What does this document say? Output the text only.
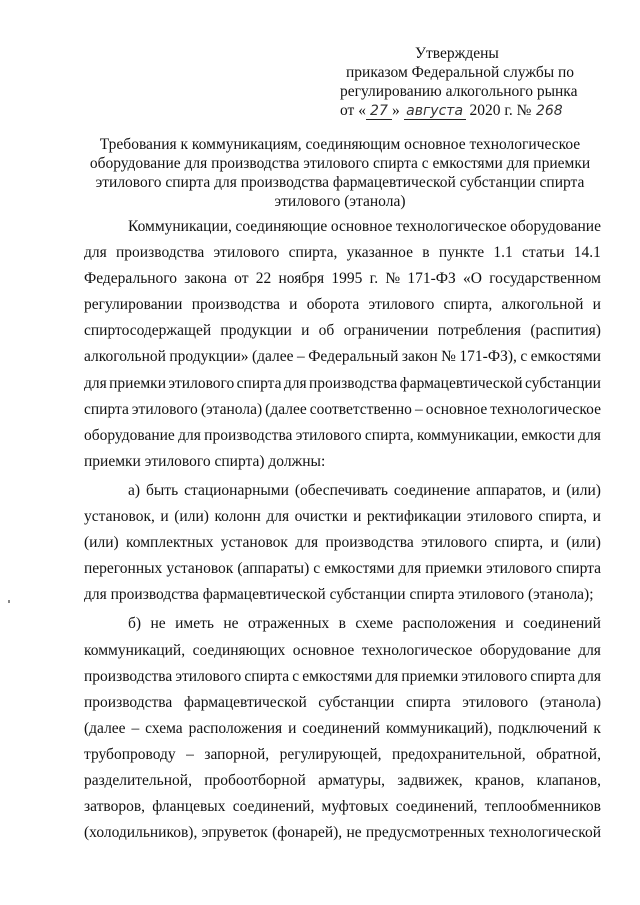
Утверждены
приказом Федеральной службы по
регулированию алкогольного рынка
от « 27 » августа 2020 г. № 268
Требования к коммуникациям, соединяющим основное технологическое
оборудование для производства этилового спирта с емкостями для приемки
этилового спирта для производства фармацевтической субстанции спирта
этилового (этанола)
Коммуникации, соединяющие основное технологическое оборудование
для производства этилового спирта, указанное в пункте 1.1 статьи 14.1
Федерального закона от 22 ноября 1995 г. № 171-ФЗ «О государственном
регулировании производства и оборота этилового спирта, алкогольной и
спиртосодержащей продукции и об ограничении потребления (распития)
алкогольной продукции» (далее – Федеральный закон № 171-ФЗ), с емкостями
для приемки этилового спирта для производства фармацевтической субстанции
спирта этилового (этанола) (далее соответственно – основное технологическое
оборудование для производства этилового спирта, коммуникации, емкости для
приемки этилового спирта) должны:
а) быть стационарными (обеспечивать соединение аппаратов, и (или)
установок, и (или) колонн для очистки и ректификации этилового спирта, и
(или) комплектных установок для производства этилового спирта, и (или)
перегонных установок (аппараты) с емкостями для приемки этилового спирта
для производства фармацевтической субстанции спирта этилового (этанола);
б) не иметь не отраженных в схеме расположения и соединений
коммуникаций, соединяющих основное технологическое оборудование для
производства этилового спирта с емкостями для приемки этилового спирта для
производства фармацевтической субстанции спирта этилового (этанола)
(далее – схема расположения и соединений коммуникаций), подключений к
трубопроводу – запорной, регулирующей, предохранительной, обратной,
разделительной, пробоотборной арматуры, задвижек, кранов, клапанов,
затворов, фланцевых соединений, муфтовых соединений, теплообменников
(холодильников), эпруветок (фонарей), не предусмотренных технологической
